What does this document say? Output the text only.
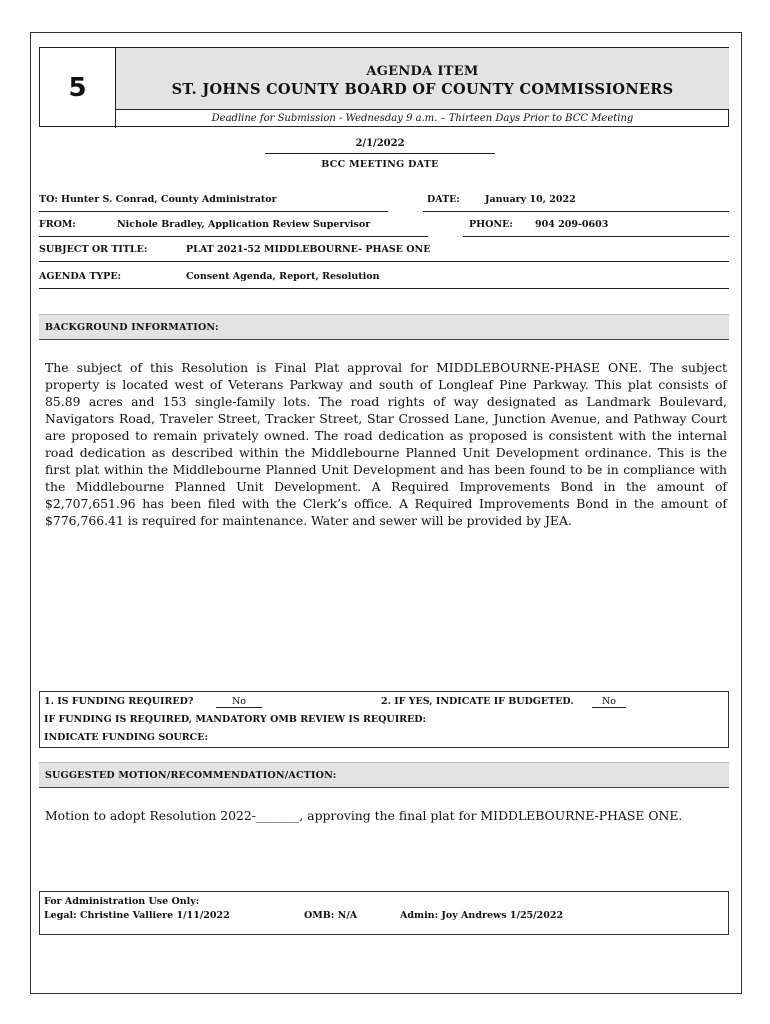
5
AGENDA ITEM
ST. JOHNS COUNTY BOARD OF COUNTY COMMISSIONERS
Deadline for Submission - Wednesday 9 a.m. – Thirteen Days Prior to BCC Meeting
2/1/2022
BCC MEETING DATE
TO: Hunter S. Conrad, County Administrator	DATE:	January 10, 2022
FROM:	Nichole Bradley, Application Review Supervisor	PHONE: 904 209-0603
SUBJECT OR TITLE:	PLAT 2021-52 MIDDLEBOURNE- PHASE ONE
AGENDA TYPE:	Consent Agenda, Report, Resolution
BACKGROUND INFORMATION:
The subject of this Resolution is Final Plat approval for MIDDLEBOURNE-PHASE ONE. The subject property is located west of Veterans Parkway and south of Longleaf Pine Parkway. This plat consists of 85.89 acres and 153 single-family lots. The road rights of way designated as Landmark Boulevard, Navigators Road, Traveler Street, Tracker Street, Star Crossed Lane, Junction Avenue, and Pathway Court are proposed to remain privately owned. The road dedication as proposed is consistent with the internal road dedication as described within the Middlebourne Planned Unit Development ordinance. This is the first plat within the Middlebourne Planned Unit Development and has been found to be in compliance with the Middlebourne Planned Unit Development. A Required Improvements Bond in the amount of $2,707,651.96 has been filed with the Clerk’s office. A Required Improvements Bond in the amount of $776,766.41 is required for maintenance. Water and sewer will be provided by JEA.
1. IS FUNDING REQUIRED?	No	2. IF YES, INDICATE IF BUDGETED.	No
IF FUNDING IS REQUIRED, MANDATORY OMB REVIEW IS REQUIRED:
INDICATE FUNDING SOURCE:
SUGGESTED MOTION/RECOMMENDATION/ACTION:
Motion to adopt Resolution 2022-_______, approving the final plat for MIDDLEBOURNE-PHASE ONE.
For Administration Use Only:
Legal: Christine Valliere 1/11/2022	OMB: N/A	Admin: Joy Andrews 1/25/2022
